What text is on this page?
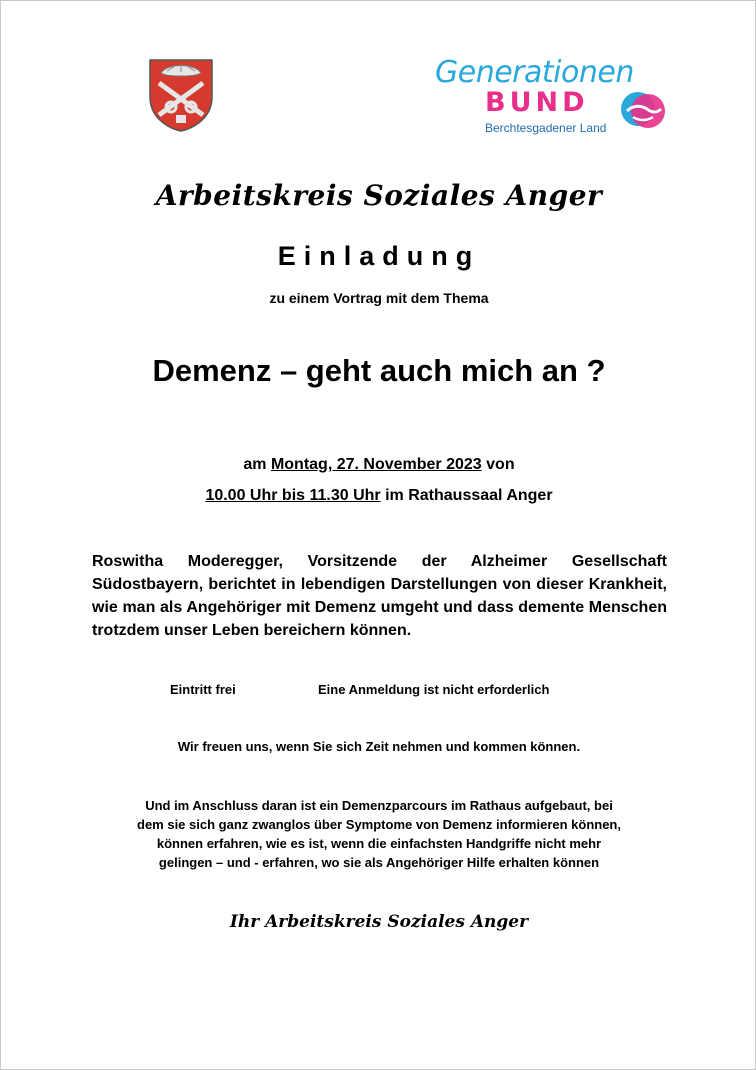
Generationen
BUND
Berchtesgadener Land
Arbeitskreis Soziales Anger
Einladung
zu einem Vortrag mit dem Thema
Demenz – geht auch mich an ?
am Montag, 27. November 2023 von
10.00 Uhr bis 11.30 Uhr im Rathaussaal Anger
Roswitha Moderegger, Vorsitzende der Alzheimer Gesellschaft Südostbayern, berichtet in lebendigen Darstellungen von dieser Krankheit, wie man als Angehöriger mit Demenz umgeht und dass demente Menschen trotzdem unser Leben bereichern können.
Eintritt frei	Eine Anmeldung ist nicht erforderlich
Wir freuen uns, wenn Sie sich Zeit nehmen und kommen können.
Und im Anschluss daran ist ein Demenzparcours im Rathaus aufgebaut, bei
dem sie sich ganz zwanglos über Symptome von Demenz informieren können,
können erfahren, wie es ist, wenn die einfachsten Handgriffe nicht mehr
gelingen – und - erfahren, wo sie als Angehöriger Hilfe erhalten können
Ihr Arbeitskreis Soziales Anger
